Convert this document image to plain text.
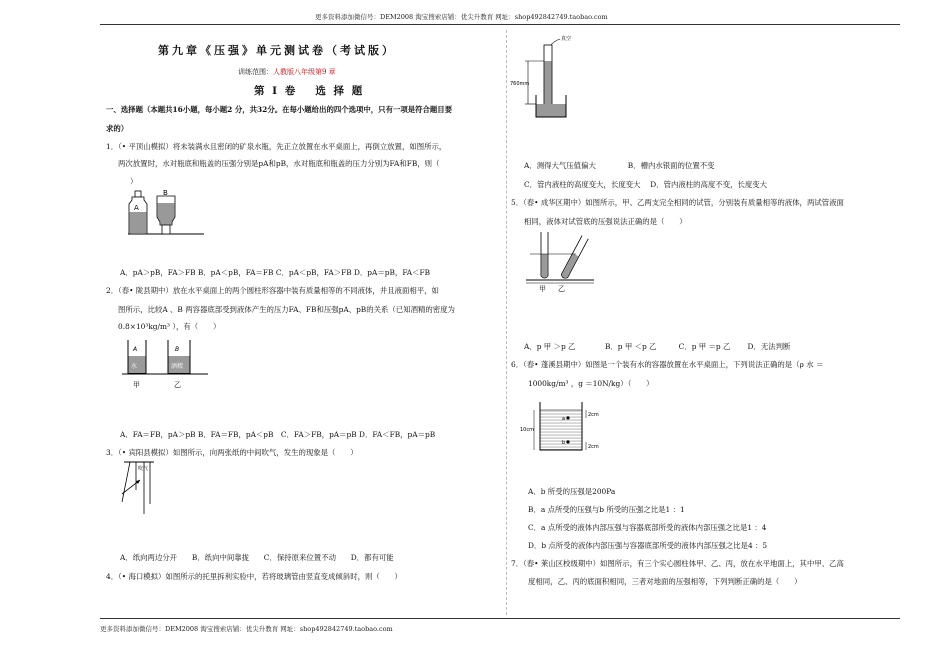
更多资料添加微信号：DEM2008 淘宝搜索店铺：优尖升教育 网址：shop492842749.taobao.com
更多资料添加微信号：DEM2008 淘宝搜索店铺：优尖升教育 网址：shop492842749.taobao.com
第九章《压强》单元测试卷（考试版）
训练范围：人教版八年级第9 章
第 Ⅰ 卷　 选 择 题
一、选择题（本题共16小题，每小题2 分，共32分。在每小题给出的四个选项中，只有一项是符合题目要
求的）
1．（• 平顶山模拟）将未装满水且密闭的矿泉水瓶，先正立放置在水平桌面上，再倒立放置，如图所示，
两次放置时，水对瓶底和瓶盖的压强分别是pA和pB，水对瓶底和瓶盖的压力分别为FA和FB，则（
）
A
B
A．pA＞pB，FA＞FB B．pA＜pB，FA＝FB C．pA＜pB，FA＞FB D．pA＝pB，FA＜FB
2．（春• 陇县期中）放在水平桌面上的两个圆柱形容器中装有质量相等的不同液体，并且液面相平，如
图所示，比较A 、B 两容器底部受到液体产生的压力FA、FB和压强pA、pB的关系（已知酒精的密度为
0.8×10³kg/m³ ），有（　　）
A
水
B
酒精
甲	乙
A．FA＝FB，pA＞pB B．FA＝FB，pA＜pB　C．FA＞FB，pA＝pB D．FA＜FB，pA＝pB
3．（• 宾阳县模拟）如图所示，向两张纸的中间吹气，发生的现象是（　　）
吹气
A．纸向两边分开　　B．纸向中间靠拢　　C．保持原来位置不动　　D．都有可能
4．（• 海口模拟）如图所示的托里拆利实验中，若将玻璃管由竖直变成倾斜时，则（　　）
真空
760mm
A．测得大气压值偏大　　　　 B．槽内水银面的位置不变
C．管内液柱的高度变大，长度变大　 D．管内液柱的高度不变，长度变大
5．（春• 成华区期中）如图所示，甲、乙两支完全相同的试管，分别装有质量相等的液体，两试管液面
相同，液体对试管底的压强说法正确的是（　　）
甲 乙
A．p 甲 ＞p 乙　　　　B．p 甲 ＜p 乙　　　C．p 甲 ＝p 乙　　 D．无法判断
6．（春• 蓬溪县期中）如图是一个装有水的容器放置在水平桌面上，下列说法正确的是（ρ 水 ＝
1000kg/m³ ，g ＝10N/kg）（　　）
a
b
2cm
10cm
2cm
A．b 所受的压强是200Pa
B．a 点所受的压强与b 所受的压强之比是1 ：1
C．a 点所受的液体内部压强与容器底部所受的液体内部压强之比是1 ：4
D．b 点所受的液体内部压强与容器底部所受的液体内部压强之比是4 ：5
7．（春• 莱山区校级期中）如图所示，有三个实心圆柱体甲、乙、丙，放在水平地面上，其中甲、乙高
度相同，乙、丙的底面积相同，三者对地面的压强相等，下列判断正确的是（　　）
